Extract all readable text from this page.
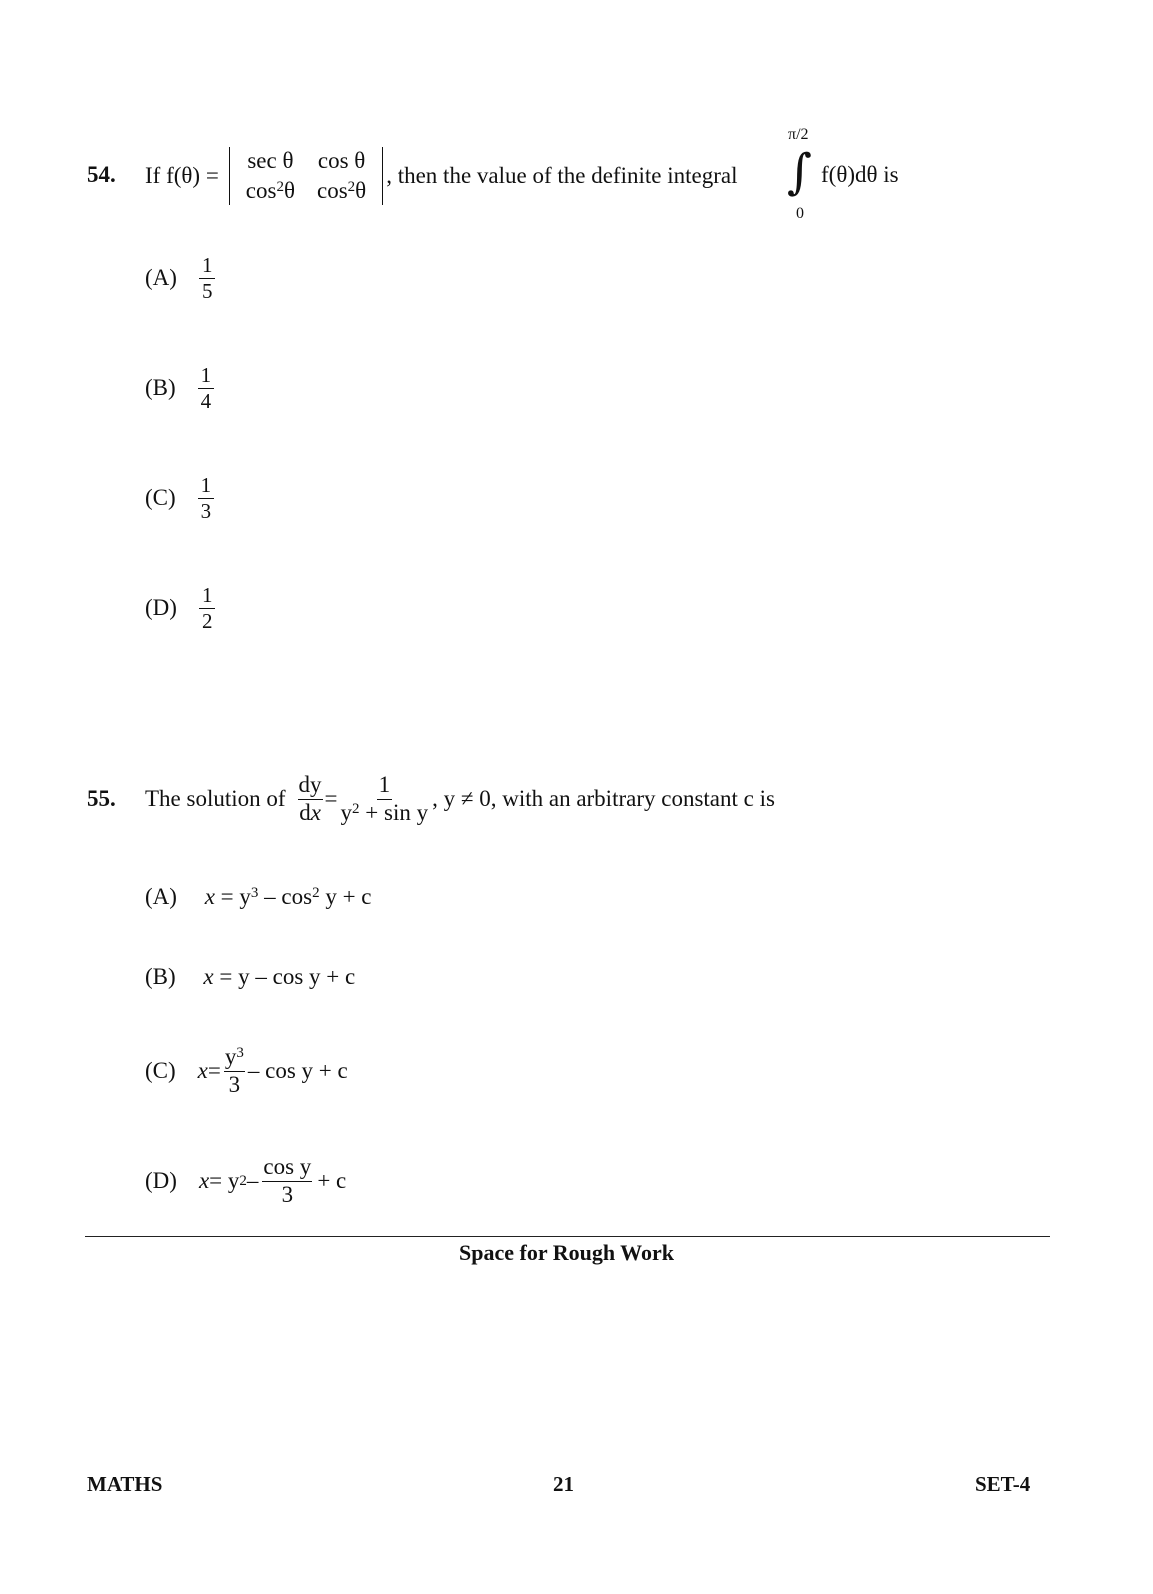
54. If f(θ) =
sec θ cos θ
$\cos^2\theta$ $\cos^2\theta$
, then the value of the definite integral
π/2
∫
0
f(θ)dθ is
$(A) \frac{1}{5}$
$(B) \frac{1}{4}$
$(C) \frac{1}{3}$
$(D) \frac{1}{2}$
55. The solution of $\frac{dy}{dx} = \frac{1}{y^2 + \sin y}$ , y ≠ 0, with an arbitrary constant c is
(A) $x = y^3 - \cos^2 y + c$
(B) x = y – cos y + c
(C) $x = \frac{y^3}{3} - \cos y + c$
(D) x = y $2 - \frac{\text{cos y}}{3} + c$
Space for Rough Work
MATHS	21	SET-4
